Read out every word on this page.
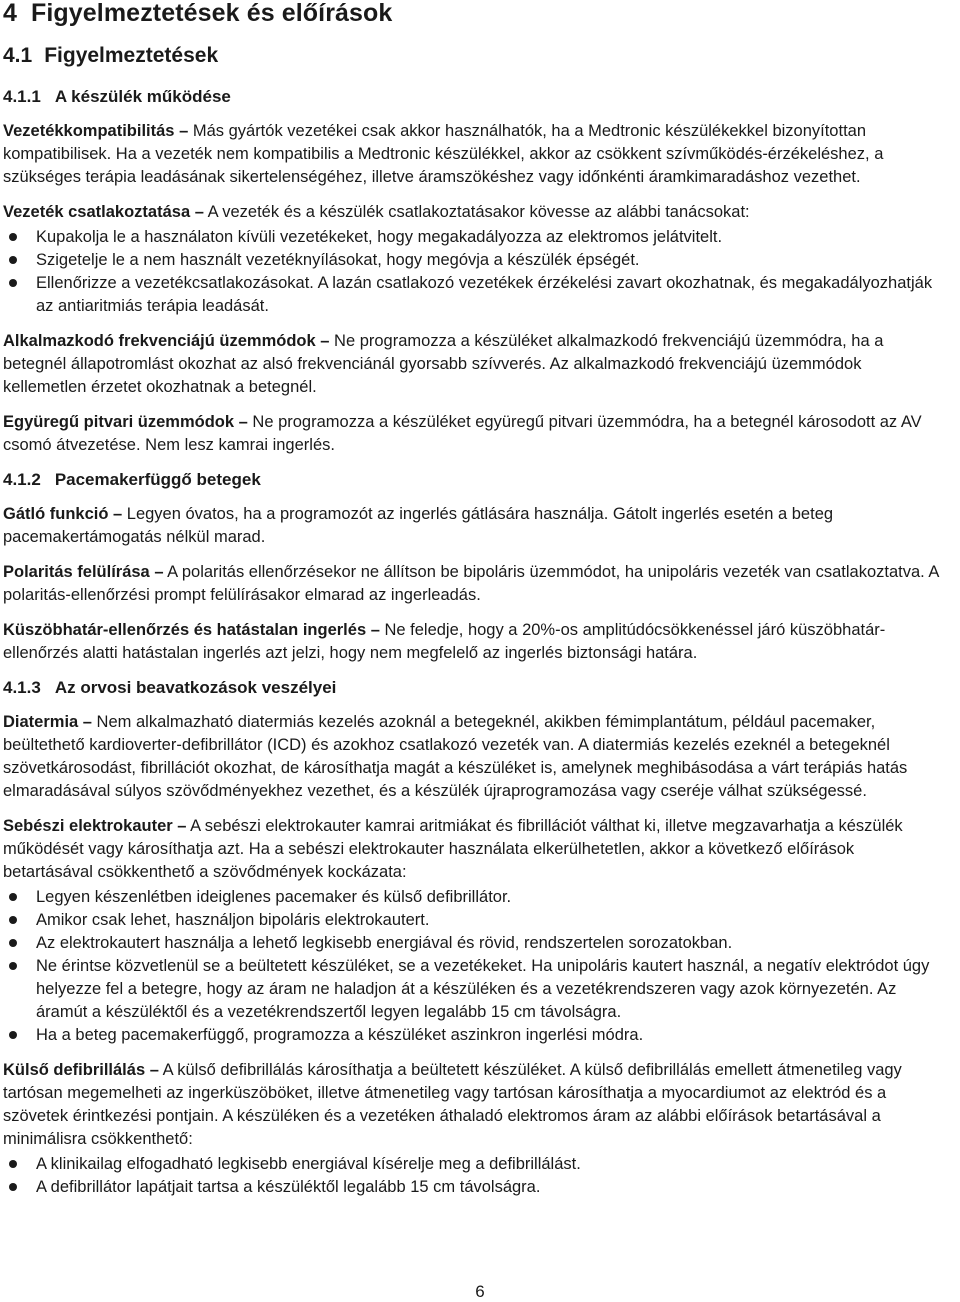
4 Figyelmeztetések és előírások
4.1 Figyelmeztetések
4.1.1 A készülék működése

Vezetékkompatibilitás – Más gyártók vezetékei csak akkor használhatók, ha a Medtronic készülékekkel bizonyítottan kompatibilisek. Ha a vezeték nem kompatibilis a Medtronic készülékkel, akkor az csökkent szívműködés-érzékeléshez, a szükséges terápia leadásának sikertelenségéhez, illetve áramszökéshez vagy időnkénti áramkimaradáshoz vezethet.

Vezeték csatlakoztatása – A vezeték és a készülék csatlakoztatásakor kövesse az alábbi tanácsokat:

Kupakolja le a használaton kívüli vezetékeket, hogy megakadályozza az elektromos jelátvitelt.
Szigetelje le a nem használt vezetéknyílásokat, hogy megóvja a készülék épségét.
Ellenőrizze a vezetékcsatlakozásokat. A lazán csatlakozó vezetékek érzékelési zavart okozhatnak, és megakadályozhatják az antiaritmiás terápia leadását.

Alkalmazkodó frekvenciájú üzemmódok – Ne programozza a készüléket alkalmazkodó frekvenciájú üzemmódra, ha a betegnél állapotromlást okozhat az alsó frekvenciánál gyorsabb szívverés. Az alkalmazkodó frekvenciájú üzemmódok kellemetlen érzetet okozhatnak a betegnél.

Együregű pitvari üzemmódok – Ne programozza a készüléket együregű pitvari üzemmódra, ha a betegnél károsodott az AV csomó átvezetése. Nem lesz kamrai ingerlés.

4.1.2 Pacemakerfüggő betegek

Gátló funkció – Legyen óvatos, ha a programozót az ingerlés gátlására használja. Gátolt ingerlés esetén a beteg pacemakertámogatás nélkül marad.

Polaritás felülírása – A polaritás ellenőrzésekor ne állítson be bipoláris üzemmódot, ha unipoláris vezeték van csatlakoztatva. A polaritás-ellenőrzési prompt felülírásakor elmarad az ingerleadás.

Küszöbhatár-ellenőrzés és hatástalan ingerlés – Ne feledje, hogy a 20%-os amplitúdócsökkenéssel járó küszöbhatár-ellenőrzés alatti hatástalan ingerlés azt jelzi, hogy nem megfelelő az ingerlés biztonsági határa.

4.1.3 Az orvosi beavatkozások veszélyei

Diatermia – Nem alkalmazható diatermiás kezelés azoknál a betegeknél, akikben fémimplantátum, például pacemaker, beültethető kardioverter-defibrillátor (ICD) és azokhoz csatlakozó vezeték van. A diatermiás kezelés ezeknél a betegeknél szövetkárosodást, fibrillációt okozhat, de károsíthatja magát a készüléket is, amelynek meghibásodása a várt terápiás hatás elmaradásával súlyos szövődményekhez vezethet, és a készülék újraprogramozása vagy cseréje válhat szükségessé.

Sebészi elektrokauter – A sebészi elektrokauter kamrai aritmiákat és fibrillációt válthat ki, illetve megzavarhatja a készülék működését vagy károsíthatja azt. Ha a sebészi elektrokauter használata elkerülhetetlen, akkor a következő előírások betartásával csökkenthető a szövődmények kockázata:

Legyen készenlétben ideiglenes pacemaker és külső defibrillátor.
Amikor csak lehet, használjon bipoláris elektrokautert.
Az elektrokautert használja a lehető legkisebb energiával és rövid, rendszertelen sorozatokban.
Ne érintse közvetlenül se a beültetett készüléket, se a vezetékeket. Ha unipoláris kautert használ, a negatív elektródot úgy helyezze fel a betegre, hogy az áram ne haladjon át a készüléken és a vezetékrendszeren vagy azok környezetén. Az áramút a készüléktől és a vezetékrendszertől legyen legalább 15 cm távolságra.
Ha a beteg pacemakerfüggő, programozza a készüléket aszinkron ingerlési módra.

Külső defibrillálás – A külső defibrillálás károsíthatja a beültetett készüléket. A külső defibrillálás emellett átmenetileg vagy tartósan megemelheti az ingerküszöböket, illetve átmenetileg vagy tartósan károsíthatja a myocardiumot az elektród és a szövetek érintkezési pontjain. A készüléken és a vezetéken áthaladó elektromos áram az alábbi előírások betartásával a minimálisra csökkenthető:

A klinikailag elfogadható legkisebb energiával kísérelje meg a defibrillálást.
A defibrillátor lapátjait tartsa a készüléktől legalább 15 cm távolságra.
6
